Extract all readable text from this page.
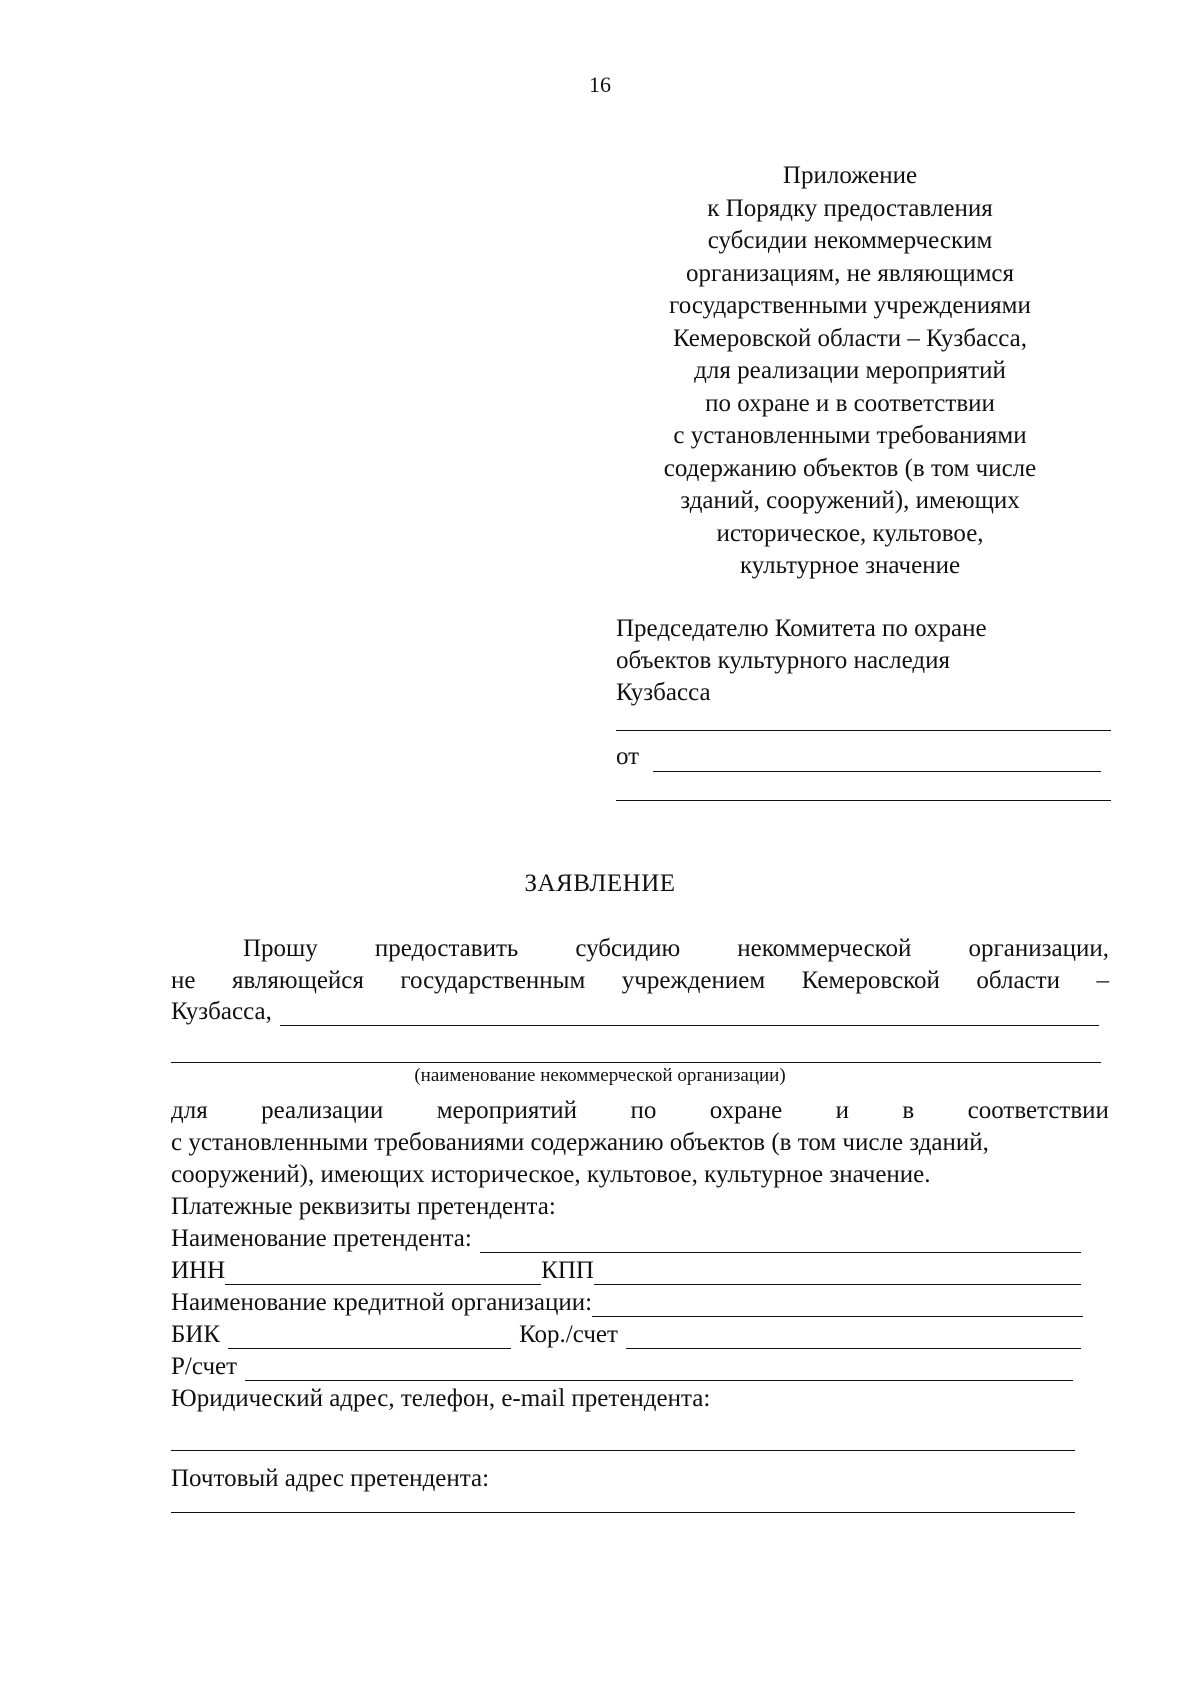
16
Приложение
к Порядку предоставления
субсидии некоммерческим
организациям, не являющимся
государственными учреждениями
Кемеровской области – Кузбасса,
для реализации мероприятий
по охране и в соответствии
с установленными требованиями
содержанию объектов (в том числе
зданий, сооружений), имеющих
историческое, культовое,
культурное значение
Председателю Комитета по охране
объектов культурного наследия
Кузбасса
от
ЗАЯВЛЕНИЕ
Прошу предоставить субсидию некоммерческой организации,
не являющейся государственным учреждением Кемеровской области –
Кузбасса,
(наименование некоммерческой организации)
для реализации мероприятий по охране и в соответствии
с установленными требованиями содержанию объектов (в том числе зданий,
сооружений), имеющих историческое, культовое, культурное значение.
Платежные реквизиты претендента:
Наименование претендента:
ИНН	КПП
Наименование кредитной организации:
БИК	Кор./счет
Р/счет
Юридический адрес, телефон, e-mail претендента:
Почтовый адрес претендента:
